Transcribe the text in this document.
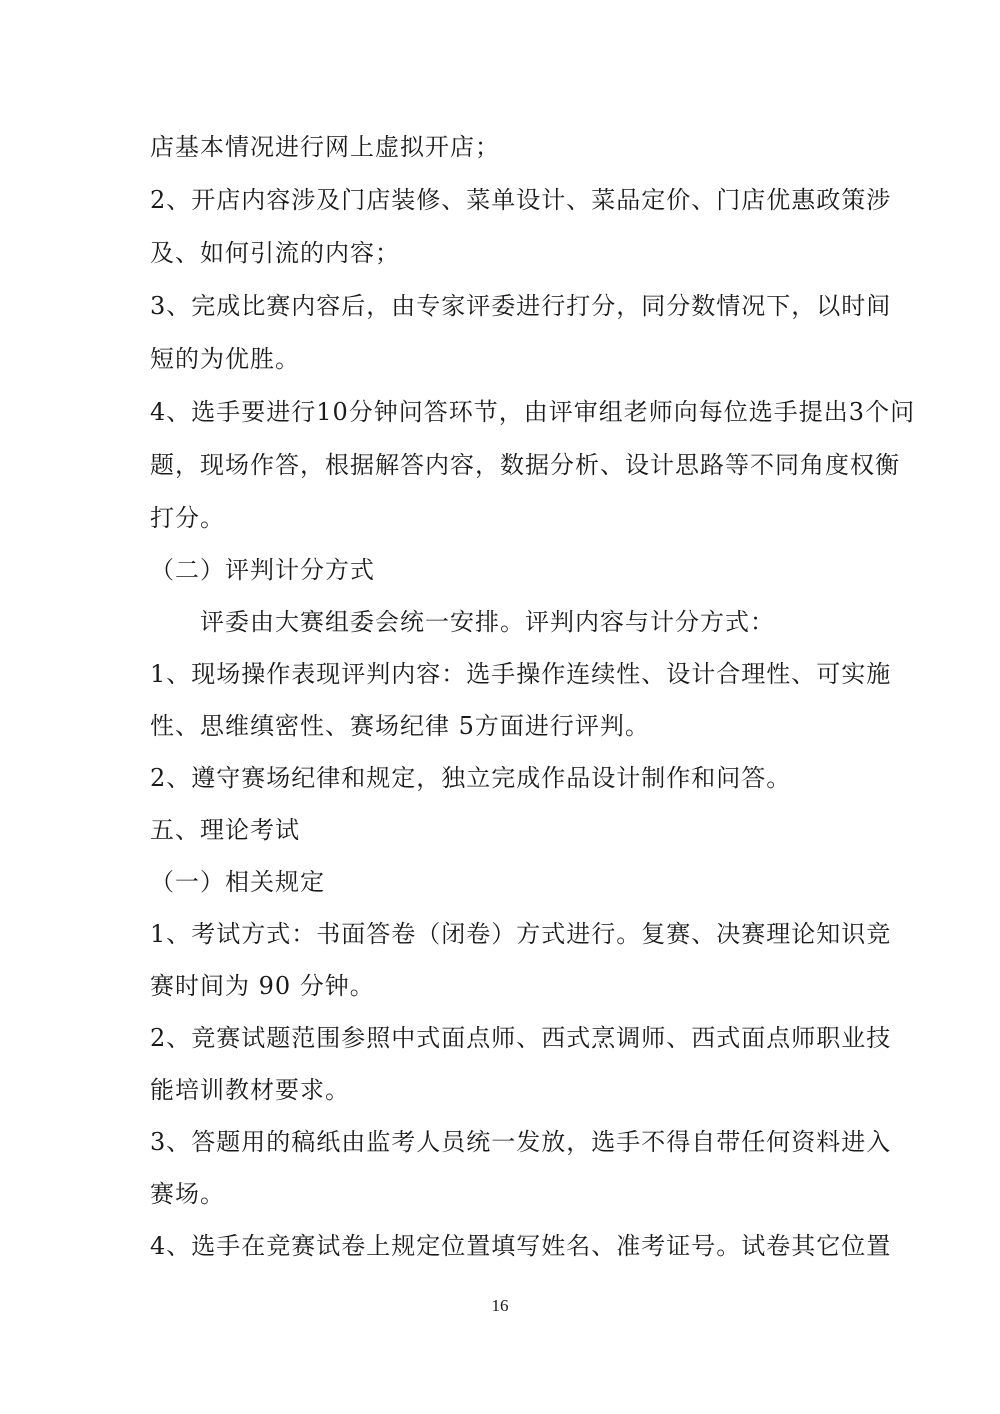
店基本情况进行网上虚拟开店；
2、开店内容涉及门店装修、菜单设计、菜品定价、门店优惠政策涉
及、如何引流的内容；
3、完成比赛内容后，由专家评委进行打分，同分数情况下，以时间
短的为优胜。
4、选手要进行10分钟问答环节，由评审组老师向每位选手提出3个问
题，现场作答，根据解答内容，数据分析、设计思路等不同角度权衡
打分。
（二）评判计分方式
评委由大赛组委会统一安排。评判内容与计分方式：
1、现场操作表现评判内容：选手操作连续性、设计合理性、可实施
性、思维缜密性、赛场纪律 5方面进行评判。
2、遵守赛场纪律和规定，独立完成作品设计制作和问答。
五、理论考试
（一）相关规定
1、考试方式：书面答卷（闭卷）方式进行。复赛、决赛理论知识竞
赛时间为 90 分钟。
2、竞赛试题范围参照中式面点师、西式烹调师、西式面点师职业技
能培训教材要求。
3、答题用的稿纸由监考人员统一发放，选手不得自带任何资料进入
赛场。
4、选手在竞赛试卷上规定位置填写姓名、准考证号。试卷其它位置
16
